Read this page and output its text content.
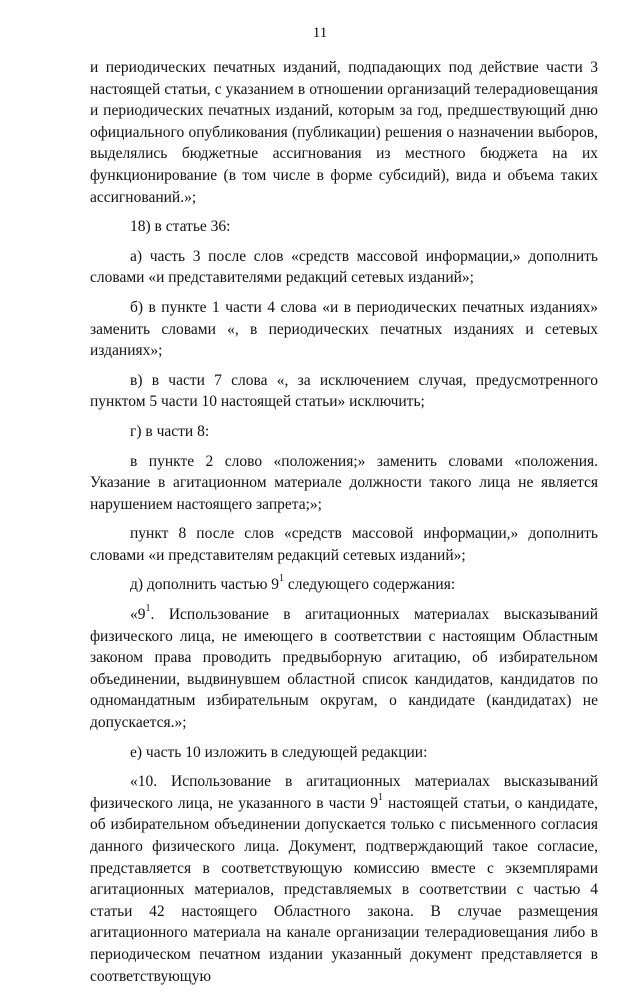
11

и периодических печатных изданий, подпадающих под действие части 3 настоящей статьи, с указанием в отношении организаций телерадиовещания и периодических печатных изданий, которым за год, предшествующий дню официального опубликования (публикации) решения о назначении выборов, выделялись бюджетные ассигнования из местного бюджета на их функционирование (в том числе в форме субсидий), вида и объема таких ассигнований.»;

18) в статье 36:

а) часть 3 после слов «средств массовой информации,» дополнить словами «и представителями редакций сетевых изданий»;

б) в пункте 1 части 4 слова «и в периодических печатных изданиях» заменить словами «, в периодических печатных изданиях и сетевых изданиях»;

в) в части 7 слова «, за исключением случая, предусмотренного пунктом 5 части 10 настоящей статьи» исключить;

г) в части 8:

в пункте 2 слово «положения;» заменить словами «положения. Указание в агитационном материале должности такого лица не является нарушением настоящего запрета;»;

пункт 8 после слов «средств массовой информации,» дополнить словами «и представителям редакций сетевых изданий»;

д) дополнить частью $9^1$ следующего содержания:

«$9^1$. Использование в агитационных материалах высказываний физического лица, не имеющего в соответствии с настоящим Областным законом права проводить предвыборную агитацию, об избирательном объединении, выдвинувшем областной список кандидатов, кандидатов по одномандатным избирательным округам, о кандидате (кандидатах) не допускается.»;

е) часть 10 изложить в следующей редакции:

«10. Использование в агитационных материалах высказываний физического лица, не указанного в части $9^1$ настоящей статьи, о кандидате, об избирательном объединении допускается только с письменного согласия данного физического лица. Документ, подтверждающий такое согласие, представляется в соответствующую комиссию вместе с экземплярами агитационных материалов, представляемых в соответствии с частью 4 статьи 42 настоящего Областного закона. В случае размещения агитационного материала на канале организации телерадиовещания либо в периодическом печатном издании указанный документ представляется в соответствующую
